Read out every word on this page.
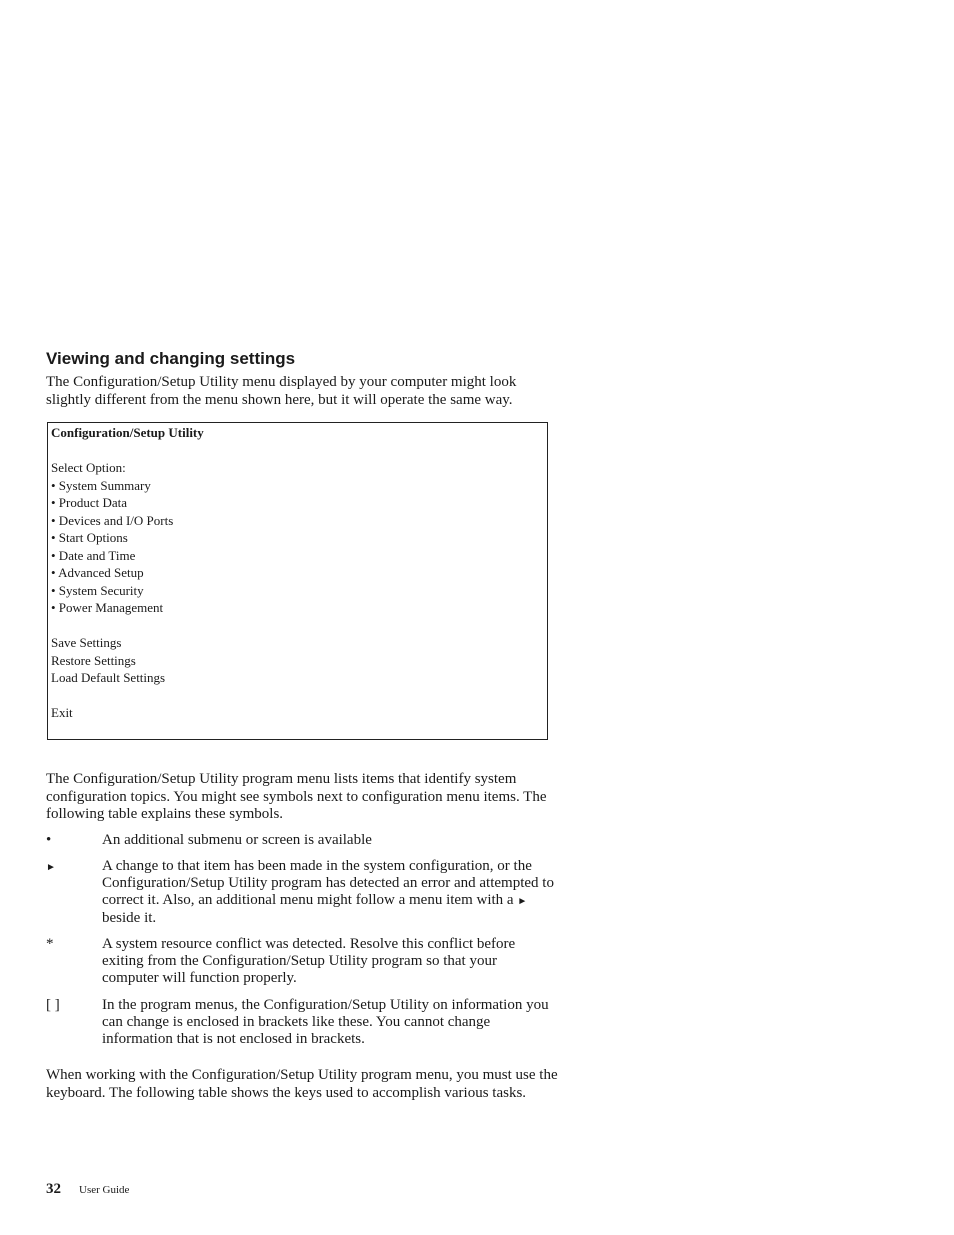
Viewing and changing settings

The Configuration/Setup Utility menu displayed by your computer might look slightly different from the menu shown here, but it will operate the same way.

Configuration/Setup Utility
Select Option:
• System Summary
• Product Data
• Devices and I/O Ports
• Start Options
• Date and Time
• Advanced Setup
• System Security
• Power Management
Save Settings
Restore Settings
Load Default Settings
Exit

The Configuration/Setup Utility program menu lists items that identify system configuration topics. You might see symbols next to configuration menu items. The following table explains these symbols.

•	An additional submenu or screen is available
►	A change to that item has been made in the system configuration, or the Configuration/Setup Utility program has detected an error and attempted to correct it. Also, an additional menu might follow a menu item with a ► beside it.
*	A system resource conflict was detected. Resolve this conflict before exiting from the Configuration/Setup Utility program so that your computer will function properly.
[ ]	In the program menus, the Configuration/Setup Utility on information you can change is enclosed in brackets like these. You cannot change information that is not enclosed in brackets.

When working with the Configuration/Setup Utility program menu, you must use the keyboard. The following table shows the keys used to accomplish various tasks.

32 User Guide
